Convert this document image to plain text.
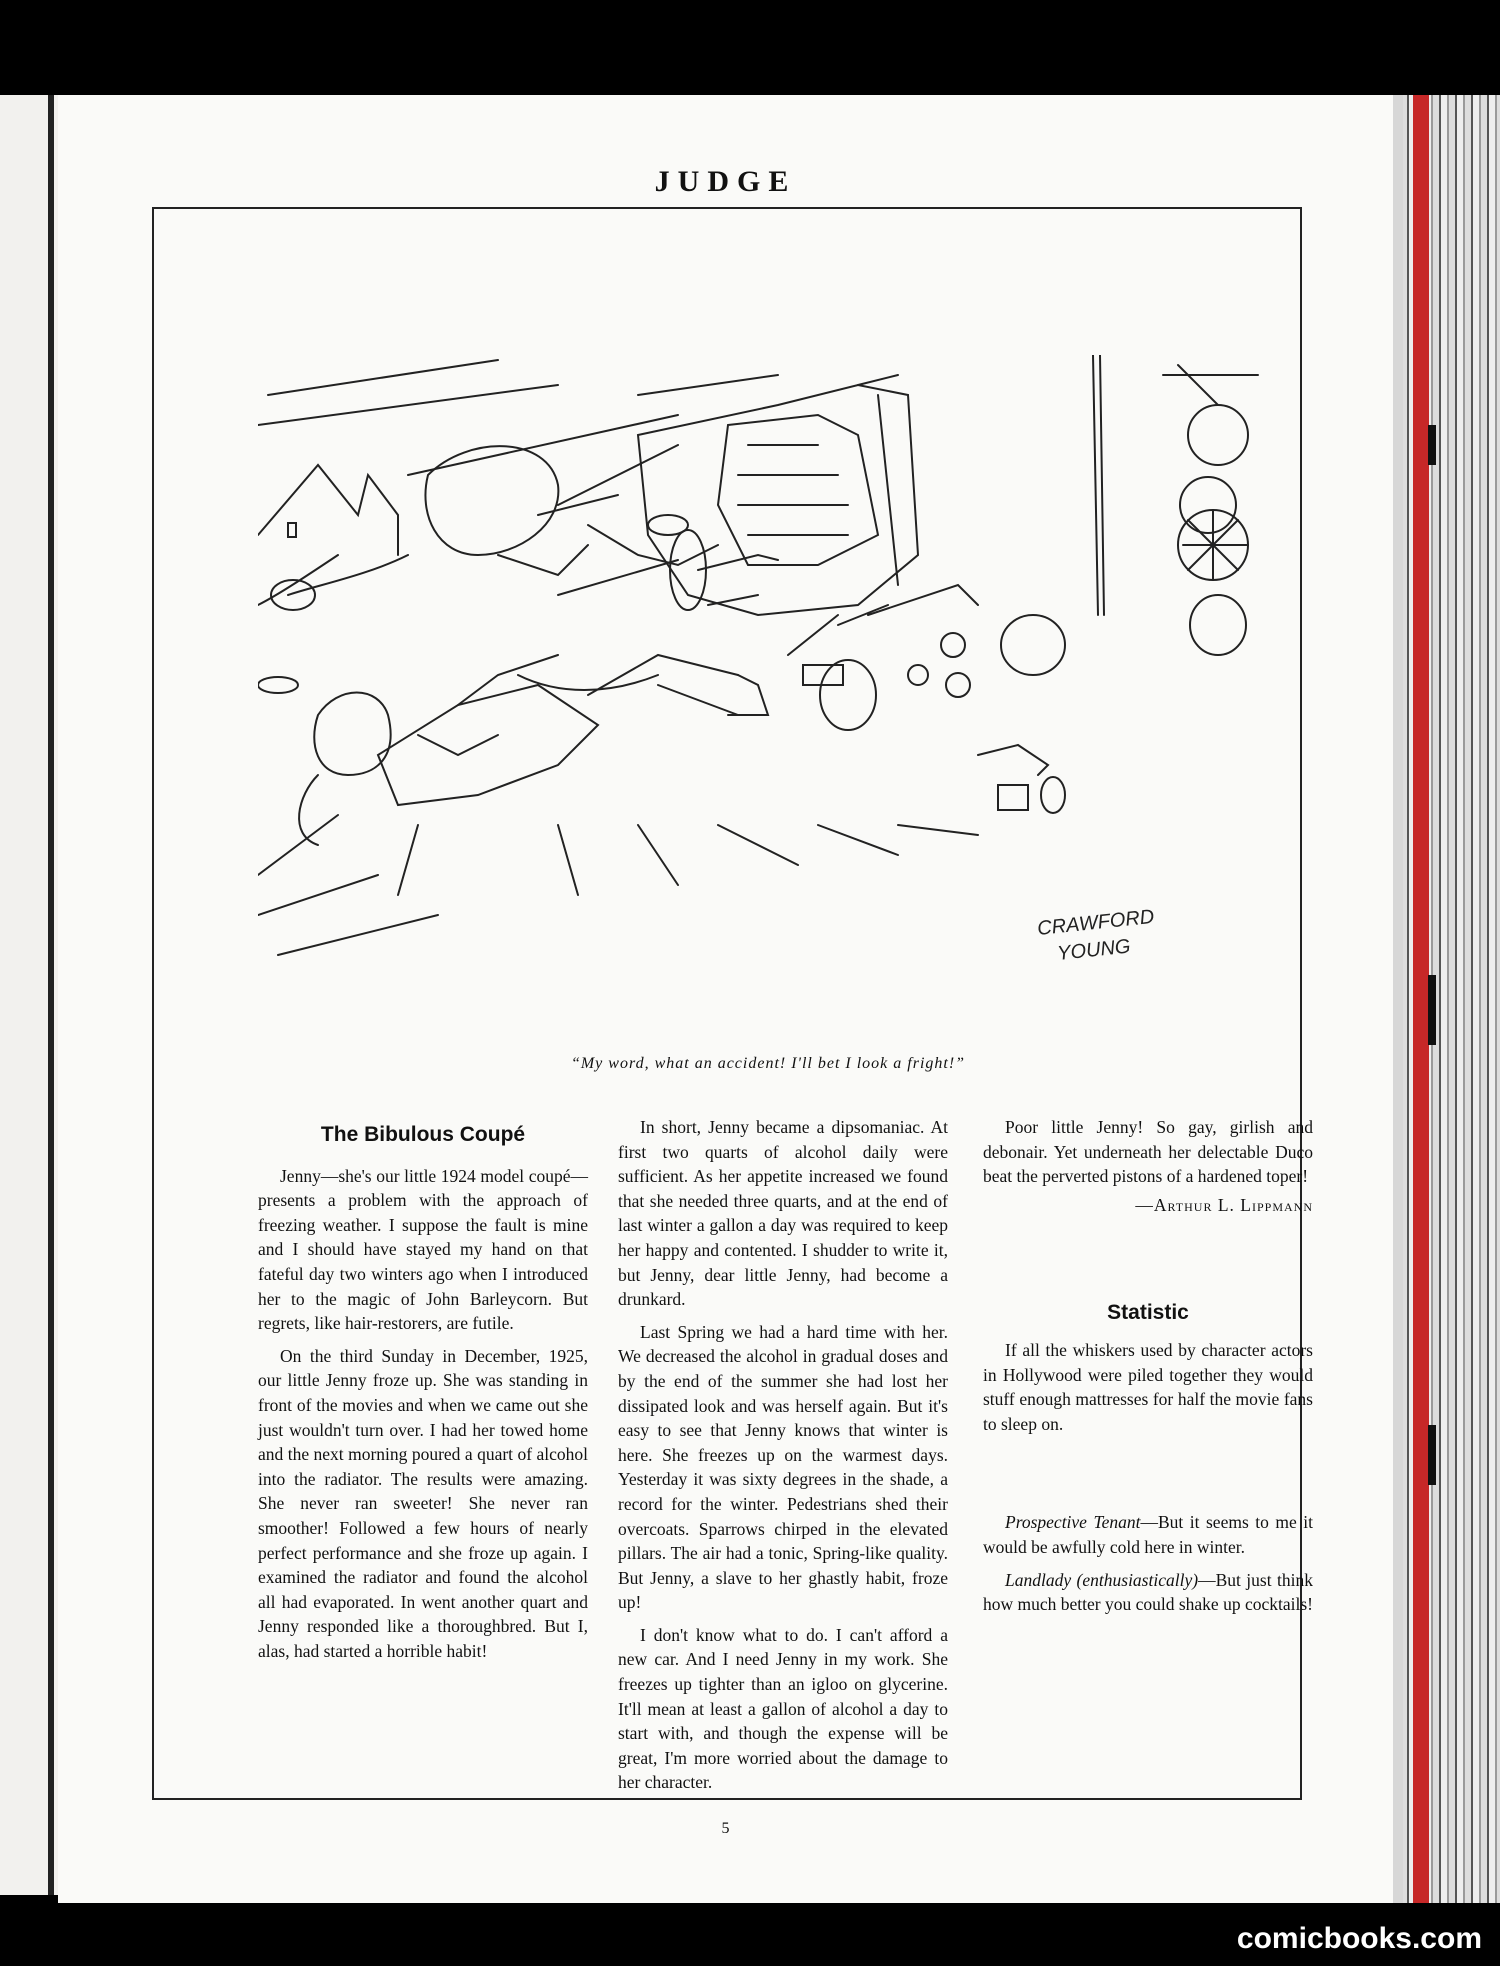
JUDGE
CRAWFORD
YOUNG
“My word, what an accident! I'll bet I look a fright!”
The Bibulous Coupé

Jenny—she's our little 1924 model coupé—presents a problem with the approach of freezing weather. I suppose the fault is mine and I should have stayed my hand on that fateful day two winters ago when I introduced her to the magic of John Barleycorn. But regrets, like hair-restorers, are futile.

On the third Sunday in December, 1925, our little Jenny froze up. She was standing in front of the movies and when we came out she just wouldn't turn over. I had her towed home and the next morning poured a quart of alcohol into the radiator. The results were amazing. She never ran sweeter! She never ran smoother! Followed a few hours of nearly perfect performance and she froze up again. I examined the radiator and found the alcohol all had evaporated. In went another quart and Jenny responded like a thoroughbred. But I, alas, had started a horrible habit!

In short, Jenny became a dipsomaniac. At first two quarts of alcohol daily were sufficient. As her appetite increased we found that she needed three quarts, and at the end of last winter a gallon a day was required to keep her happy and contented. I shudder to write it, but Jenny, dear little Jenny, had become a drunkard.

Last Spring we had a hard time with her. We decreased the alcohol in gradual doses and by the end of the summer she had lost her dissipated look and was herself again. But it's easy to see that Jenny knows that winter is here. She freezes up on the warmest days. Yesterday it was sixty degrees in the shade, a record for the winter. Pedestrians shed their overcoats. Sparrows chirped in the elevated pillars. The air had a tonic, Spring-like quality. But Jenny, a slave to her ghastly habit, froze up!

I don't know what to do. I can't afford a new car. And I need Jenny in my work. She freezes up tighter than an igloo on glycerine. It'll mean at least a gallon of alcohol a day to start with, and though the expense will be great, I'm more worried about the damage to her character.

Poor little Jenny! So gay, girlish and debonair. Yet underneath her delectable Duco beat the perverted pistons of a hardened toper!

—Arthur L. Lippmann
Statistic

If all the whiskers used by character actors in Hollywood were piled together they would stuff enough mattresses for half the movie fans to sleep on.

Prospective Tenant—But it seems to me it would be awfully cold here in winter.

Landlady (enthusiastically)—But just think how much better you could shake up cocktails!

5
comicbooks.com
